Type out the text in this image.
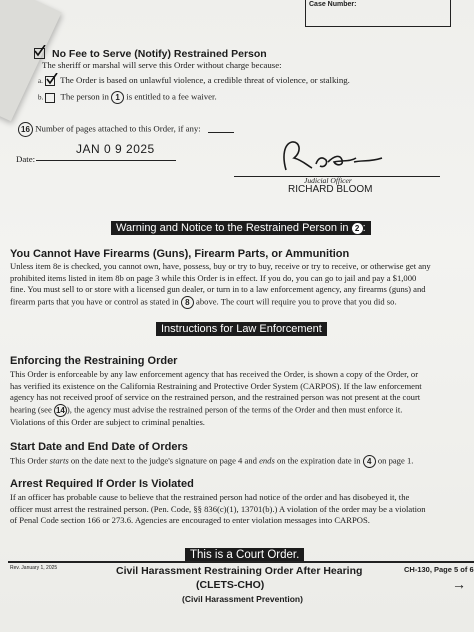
Case Number:
No Fee to Serve (Notify) Restrained Person
The sheriff or marshal will serve this Order without charge because:
a. The Order is based on unlawful violence, a credible threat of violence, or stalking.
b. The person in 1 is entitled to a fee waiver.
16 Number of pages attached to this Order, if any:
Date:
JAN 0 9 2025
Judicial Officer
RICHARD BLOOM
Warning and Notice to the Restrained Person in 2 :
You Cannot Have Firearms (Guns), Firearm Parts, or Ammunition
Unless item 8e is checked, you cannot own, have, possess, buy or try to buy, receive or try to receive, or otherwise get any
prohibited items listed in item 8b on page 3 while this Order is in effect. If you do, you can go to jail and pay a $1,000
fine. You must sell to or store with a licensed gun dealer, or turn in to a law enforcement agency, any firearms (guns) and
firearm parts that you have or control as stated in 8 above. The court will require you to prove that you did so.
Instructions for Law Enforcement
Enforcing the Restraining Order
This Order is enforceable by any law enforcement agency that has received the Order, is shown a copy of the Order, or
has verified its existence on the California Restraining and Protective Order System (CARPOS). If the law enforcement
agency has not received proof of service on the restrained person, and the restrained person was not present at the court
hearing (see 14 ), the agency must advise the restrained person of the terms of the Order and then must enforce it.
Violations of this Order are subject to criminal penalties.
Start Date and End Date of Orders
This Order starts on the date next to the judge's signature on page 4 and ends on the expiration date in 4 on page 1.
Arrest Required If Order Is Violated
If an officer has probable cause to believe that the restrained person had notice of the order and has disobeyed it, the
officer must arrest the restrained person. (Pen. Code, §§ 836(c)(1), 13701(b).) A violation of the order may be a violation
of Penal Code section 166 or 273.6. Agencies are encouraged to enter violation messages into CARPOS.
This is a Court Order.
Rev. January 1, 2025	Civil Harassment Restraining Order After Hearing
(CLETS-CHO)
(Civil Harassment Prevention)
CH-130, Page 5 of 6
→
